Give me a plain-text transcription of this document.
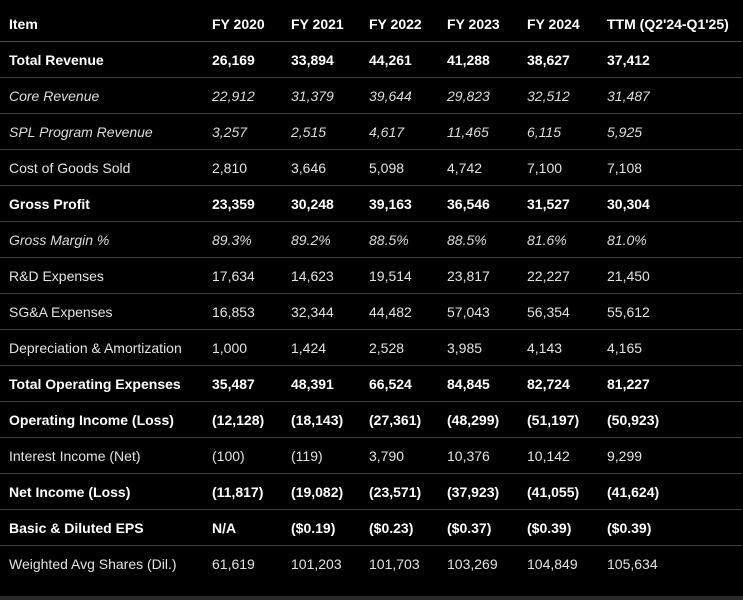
Item	FY 2020	FY 2021	FY 2022	FY 2023	FY 2024	TTM (Q2'24-Q1'25)
Total Revenue	26,169	33,894	44,261	41,288	38,627	37,412
Core Revenue	22,912	31,379	39,644	29,823	32,512	31,487
SPL Program Revenue	3,257	2,515	4,617	11,465	6,115	5,925
Cost of Goods Sold	2,810	3,646	5,098	4,742	7,100	7,108
Gross Profit	23,359	30,248	39,163	36,546	31,527	30,304
Gross Margin %	89.3%	89.2%	88.5%	88.5%	81.6%	81.0%
R&D Expenses	17,634	14,623	19,514	23,817	22,227	21,450
SG&A Expenses	16,853	32,344	44,482	57,043	56,354	55,612
Depreciation & Amortization	1,000	1,424	2,528	3,985	4,143	4,165
Total Operating Expenses	35,487	48,391	66,524	84,845	82,724	81,227
Operating Income (Loss)	(12,128)	(18,143)	(27,361)	(48,299)	(51,197)	(50,923)
Interest Income (Net)	(100)	(119)	3,790	10,376	10,142	9,299
Net Income (Loss)	(11,817)	(19,082)	(23,571)	(37,923)	(41,055)	(41,624)
Basic & Diluted EPS	N/A	($0.19)	($0.23)	($0.37)	($0.39)	($0.39)
Weighted Avg Shares (Dil.)	61,619	101,203	101,703	103,269	104,849	105,634
